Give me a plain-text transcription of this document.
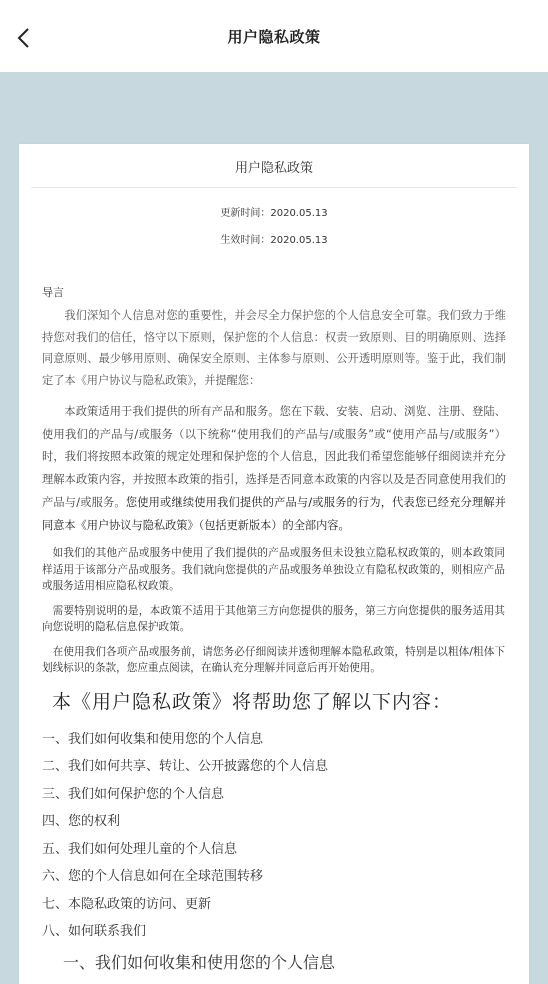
用户隐私政策
用户隐私政策
更新时间：2020.05.13
生效时间：2020.05.13
导言
我们深知个人信息对您的重要性，并会尽全力保护您的个人信息安全可靠。我们致力于维持您对我们的信任，恪守以下原则，保护您的个人信息：权责一致原则、目的明确原则、选择同意原则、最少够用原则、确保安全原则、主体参与原则、公开透明原则等。鉴于此，我们制定了本《用户协议与隐私政策》，并提醒您：
本政策适用于我们提供的所有产品和服务。您在下载、安装、启动、浏览、注册、登陆、使用我们的产品与/或服务（以下统称“使用我们的产品与/或服务”或“使用产品与/或服务”）时，我们将按照本政策的规定处理和保护您的个人信息，因此我们希望您能够仔细阅读并充分理解本政策内容，并按照本政策的指引，选择是否同意本政策的内容以及是否同意使用我们的产品与/或服务。您使用或继续使用我们提供的产品与/或服务的行为，代表您已经充分理解并同意本《用户协议与隐私政策》（包括更新版本）的全部内容。
如我们的其他产品或服务中使用了我们提供的产品或服务但未设独立隐私权政策的，则本政策同样适用于该部分产品或服务。我们就向您提供的产品或服务单独设立有隐私权政策的，则相应产品或服务适用相应隐私权政策。
需要特别说明的是，本政策不适用于其他第三方向您提供的服务，第三方向您提供的服务适用其向您说明的隐私信息保护政策。
在使用我们各项产品或服务前，请您务必仔细阅读并透彻理解本隐私政策，特别是以粗体/粗体下划线标识的条款，您应重点阅读，在确认充分理解并同意后再开始使用。
本《用户隐私政策》将帮助您了解以下内容：
一、我们如何收集和使用您的个人信息
二、我们如何共享、转让、公开披露您的个人信息
三、我们如何保护您的个人信息
四、您的权利
五、我们如何处理儿童的个人信息
六、您的个人信息如何在全球范围转移
七、本隐私政策的访问、更新
八、如何联系我们
一、我们如何收集和使用您的个人信息
